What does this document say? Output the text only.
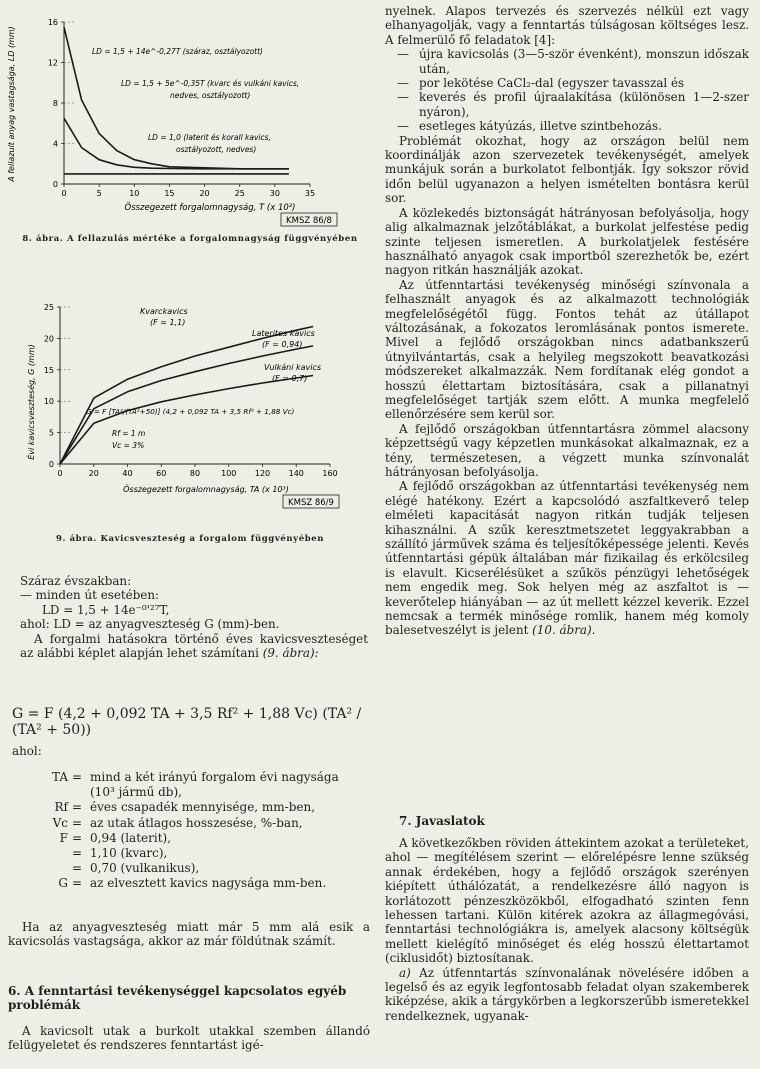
0
4
8
12
16
0	5	10	15	20	25	30	35
A fellazult anyag vastagsága, LD (mm)
Összegezett forgalomnagyság, T (x 10³)
KMSZ 86/8
LD = 1,5 + 14e^-0,27T (száraz, osztályozott)
LD = 1,5 + 5e^-0,35T (kvarc és vulkáni kavics,
nedves, osztályozott)
LD = 1,0 (laterit és korall kavics,
osztályozott, nedves)
8. ábra. A fellazulás mértéke a forgalomnagyság függvényében
0
5
10
15
20
25
0	20	40	60	80	100 120 140 160
Évi kavicsveszteség, G (mm)
Összegezett forgalomnagyság, TA (x 10³)
KMSZ 86/9
Kvarckavics
(F = 1,1)
Laterites kavics
(F = 0,94)
Vulkáni kavics
(F = 0,7)
G = F [TA²/(TA²+50)] (4,2 + 0,092 TA + 3,5 Rf² + 1,88 Vc)
Rf = 1 m
Vc = 3%
9. ábra. Kavicsveszteség a forgalom függvényében

Száraz évszakban:

— minden út esetében:

LD = 1,5 + 14e⁻⁰'²⁷T,

ahol: LD = az anyagveszteség G (mm)-ben.

A forgalmi hatásokra történő éves kavicsveszteséget az alábbi képlet alapján lehet számítani (9. ábra):

G = F (4,2 + 0,092 TA + 3,5 Rf² + 1,88 Vc) (TA² / (TA² + 50))
ahol:
TA = mind a két irányú forgalom évi nagysága
(10³ jármű db),
Rf = éves csapadék mennyisége, mm-ben,
Vc = az utak átlagos hosszesése, %-ban,
F = 0,94 (laterit),
= 1,10 (kvarc),
= 0,70 (vulkanikus),
G = az elvesztett kavics nagysága mm-ben.

Ha az anyagveszteség miatt már 5 mm alá esik a kavicsolás vastagsága, akkor az már földútnak számít.

6. A fenntartási tevékenységgel kapcsolatos egyéb problémák

A kavicsolt utak a burkolt utakkal szemben állandó felügyeletet és rendszeres fenntartást igé-

nyelnek. Alapos tervezés és szervezés nélkül ezt vagy elhanyagolják, vagy a fenntartás túlságosan költséges lesz. A felmerülő fő feladatok [4]:

— újra kavicsolás (3—5-ször évenként), monszun időszak után,
— por lekötése CaCl₂-dal (egyszer tavasszal és
— keverés és profil újraalakítása (különösen 1—2-szer nyáron),
— esetleges kátyúzás, illetve szintbehozás.

Problémát okozhat, hogy az országon belül nem koordinálják azon szervezetek tevékenységét, amelyek munkájuk során a burkolatot felbontják. Így sokszor rövid időn belül ugyanazon a helyen ismételten bontásra kerül sor.

A közlekedés biztonságát hátrányosan befolyásolja, hogy alig alkalmaznak jelzőtáblákat, a burkolat jelfestése pedig szinte teljesen ismeretlen. A burkolatjelek festésére használható anyagok csak importból szerezhetők be, ezért nagyon ritkán használják azokat.

Az útfenntartási tevékenység minőségi színvonala a felhasznált anyagok és az alkalmazott technológiák megfelelőségétől függ. Fontos tehát az útállapot változásának, a fokozatos leromlásának pontos ismerete. Mivel a fejlődő országokban nincs adatbankszerű útnyilvántartás, csak a helyileg megszokott beavatkozási módszereket alkalmazzák. Nem fordítanak elég gondot a hosszú élettartam biztosítására, csak a pillanatnyi megfelelőséget tartják szem előtt. A munka megfelelő ellenőrzésére sem kerül sor.

A fejlődő országokban útfenntartásra zömmel alacsony képzettségű vagy képzetlen munkásokat alkalmaznak, ez a tény, természetesen, a végzett munka színvonalát hátrányosan befolyásolja.

A fejlődő országokban az útfenntartási tevékenység nem elégé hatékony. Ezért a kapcsolódó aszfaltkeverő telep elméleti kapacitását nagyon ritkán tudják teljesen kihasználni. A szűk keresztmetszetet leggyakrabban a szállító járművek száma és teljesítőképessége jelenti. Kevés útfenntartási gépük általában már fizikailag és erkölcsileg is elavult. Kicserélésüket a szűkös pénzügyi lehetőségek nem engedik meg. Sok helyen még az aszfaltot is — keverőtelep hiányában — az út mellett kézzel keverik. Ezzel nemcsak a termék minősége romlik, hanem még komoly balesetveszélyt is jelent (10. ábra).

7. Javaslatok

A következőkben röviden áttekintem azokat a területeket, ahol — megítélésem szerint — előrelépésre lenne szükség annak érdekében, hogy a fejlődő országok szerényen kiépített úthálózatát, a rendelkezésre álló nagyon is korlátozott pénzeszközökből, elfogadható szinten fenn lehessen tartani. Külön kitérek azokra az állagmegóvási, fenntartási technológiákra is, amelyek alacsony költségük mellett kielégítő minőséget és elég hosszú élettartamot (ciklusidőt) biztosítanak.

a) Az útfenntartás színvonalának növelésére időben a legelső és az egyik legfontosabb feladat olyan szakemberek kiképzése, akik a tárgykörben a legkorszerűbb ismeretekkel rendelkeznek, ugyanak-
